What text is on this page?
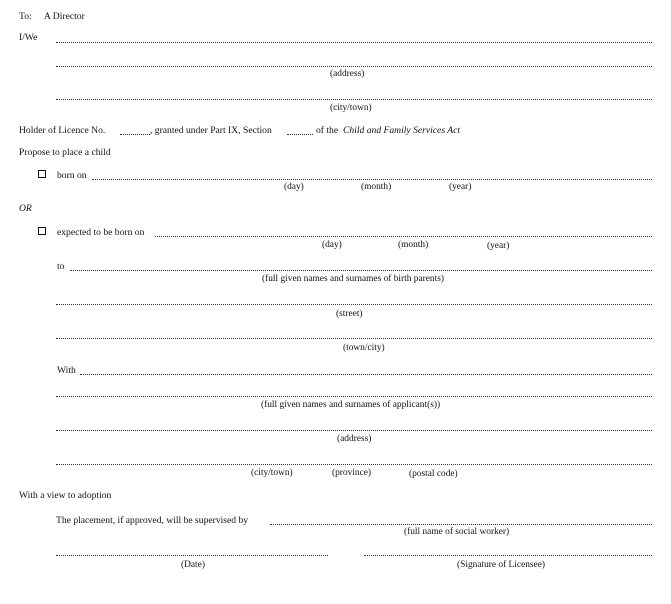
To: A Director
I/We
(address)
(city/town)
Holder of Licence No.	, granted under Part IX, Section	of the Child and Family Services Act
Propose to place a child
born on
(day)	(month)	(year)
OR
expected to be born on
(day)	(month)	(year)
to
(full given names and surnames of birth parents)
(street)
(town/city)
With
(full given names and surnames of applicant(s))
(address)
(city/town)	(province)	(postal code)
With a view to adoption
The placement, if approved, will be supervised by
(full name of social worker)
(Date)	(Signature of Licensee)
